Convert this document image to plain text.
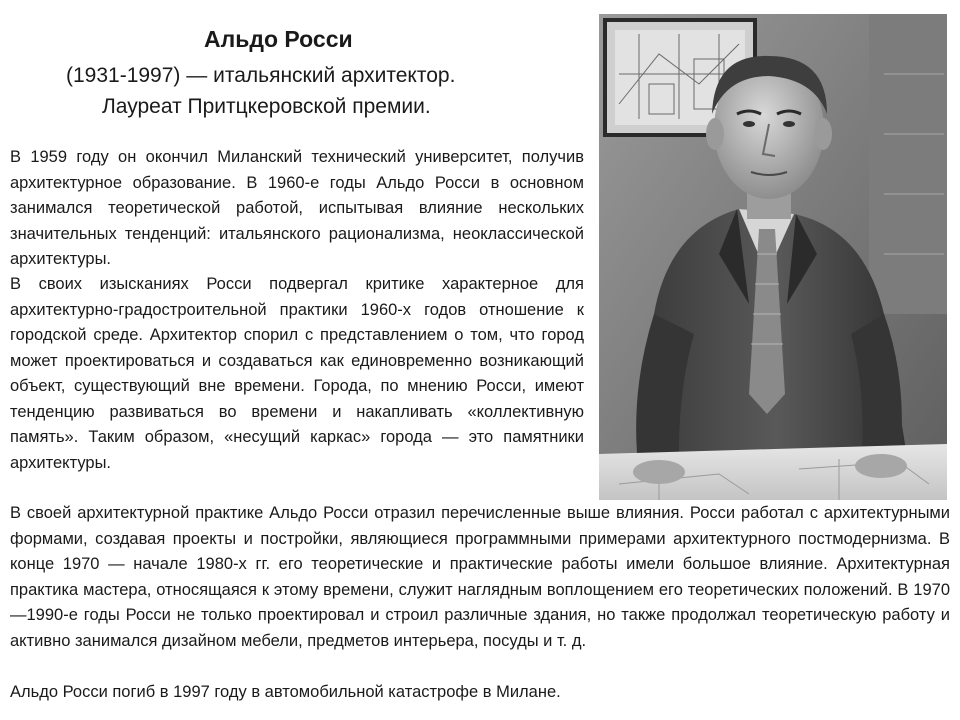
Альдо Росси

(1931-1997) — итальянский архитектор.

Лауреат Притцкеровской премии.

В 1959 году он окончил Миланский технический университет, получив архитектурное образование. В 1960-е годы Альдо Росси в основном занимался теоретической работой, испытывая влияние нескольких значительных тенденций: итальянского рационализма, неоклассической архитектуры.

В своих изысканиях Росси подвергал критике характерное для архитектурно-градостроительной практики 1960-х годов отношение к городской среде. Архитектор спорил с представлением о том, что город может проектироваться и создаваться как единовременно возникающий объект, существующий вне времени. Города, по мнению Росси, имеют тенденцию развиваться во времени и накапливать «коллективную память». Таким образом, «несущий каркас» города — это памятники архитектуры.

В своей архитектурной практике Альдо Росси отразил перечисленные выше влияния. Росси работал с архитектурными формами, создавая проекты и постройки, являющиеся программными примерами архитектурного постмодернизма. В конце 1970 — начале 1980-х гг. его теоретические и практические работы имели большое влияние. Архитектурная практика мастера, относящаяся к этому времени, служит наглядным воплощением его теоретических положений. В 1970—1990-е годы Росси не только проектировал и строил различные здания, но также продолжал теоретическую работу и активно занимался дизайном мебели, предметов интерьера, посуды и т. д.

Альдо Росси погиб в 1997 году в автомобильной катастрофе в Милане.
